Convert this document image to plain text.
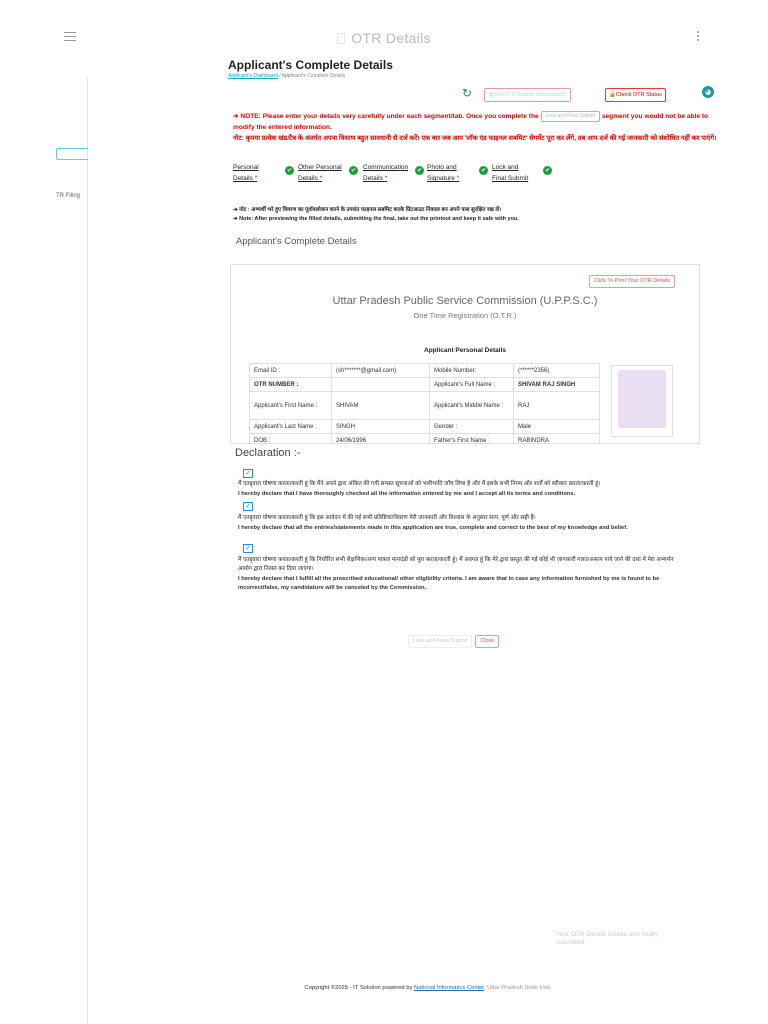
OTR Details
TR Filing
Applicant's Complete Details
Applicant's Dashboard / Applicant's Complete Details
↻	▥ Get OTR Number (Immediately)	🔒Check OTR Status	◕
➔ NOTE: Please enter your details very carefully under each segment/tab. Once you complete the Lock and Final Submit segment you would not be able to modify the entered information.
नोट: कृपया प्रत्येक खंड/टैब के अंतर्गत अपना विवरण बहुत सावधानी से दर्ज करें। एक बार जब आप 'लॉक एंड फाइनल सबमिट' सेगमेंट पूरा कर लेंगे, तब आप दर्ज की गई जानकारी को संशोधित नहीं कर पाएंगे।
Personal
Details *
✔ Other Personal
Details *
✔	Communication
Details *
✔ Photo and
Signature *
✔ Lock and
Final Submit
✔
➔ नोट : अभ्यर्थी भरे हुए विवरण का पूर्वावलोकन करने के उपरांत फाइनल सबमिट करके प्रिंटआउट निकाल कर अपने पास सुरक्षित रख लें।
➔ Note: After previewing the filled details, submitting the final, take out the printout and keep it safe with you.
Applicant's Complete Details
Click To Print Your OTR Details
Uttar Pradesh Public Service Commission (U.P.P.S.C.)
One Time Registration (O.T.R.)
Applicant Personal Details
Email ID :	(sh*******@gmail.com)	Mobile Number:	(******2356)
OTR NUMBER :		Applicant's Full Name :	SHIVAM RAJ SINGH
Applicant's First Name :	SHIVAM	Applicant's Middle Name :	RAJ
Applicant's Last Name :	SINGH	Gender :	Male
DOB :	24/06/1996	Father's First Name :	RABINDRA
Declaration :-
✓
मैं एतद्द्वारा घोषणा करता/करती हूं कि मैंने अपने द्वारा अंकित की गयी समस्त सूचनाओं को भलीभांति जाँच लिया है और मैं इसके सभी नियम और शर्तों को स्वीकार करता/करती हूं।
I hereby declare that I have thoroughly checked all the information entered by me and I accept all its terms and conditions.
✓
मैं एतद्द्वारा घोषणा करता/करती हूं कि इस आवेदन में की गई सभी प्रविष्टियां/विवरण मेरी जानकारी और विश्वास के अनुसार सत्य, पूर्ण और सही हैं।
I hereby declare that all the entries/statements made in this application are true, complete and correct to the best of my knowledge and belief.
✓
मैं एतद्द्वारा घोषणा करता/करती हूं कि निर्धारित सभी शैक्षणिक/अन्य पात्रता मानदंडों को पूरा करता/करती हूं। मैं अवगत हूं कि मेरे द्वारा प्रस्तुत की गई कोई भी जानकारी गलत/असत्य पाये जाने की दशा में मेरा अभ्यर्थन आयोग द्वारा निरस्त कर दिया जाएगा।
I hereby declare that I fulfill all the prescribed educational/ other eligibility criteria. I am aware that in case any information furnished by me is found to be incorrect/false, my candidature will be canceled by the Commission.
Lock and Final Submit Close
Your OTR Details locked and finally submitted.
Copyright ©2025 - IT Solution powered by National Informatics Center, Uttar Pradesh State Unit.
